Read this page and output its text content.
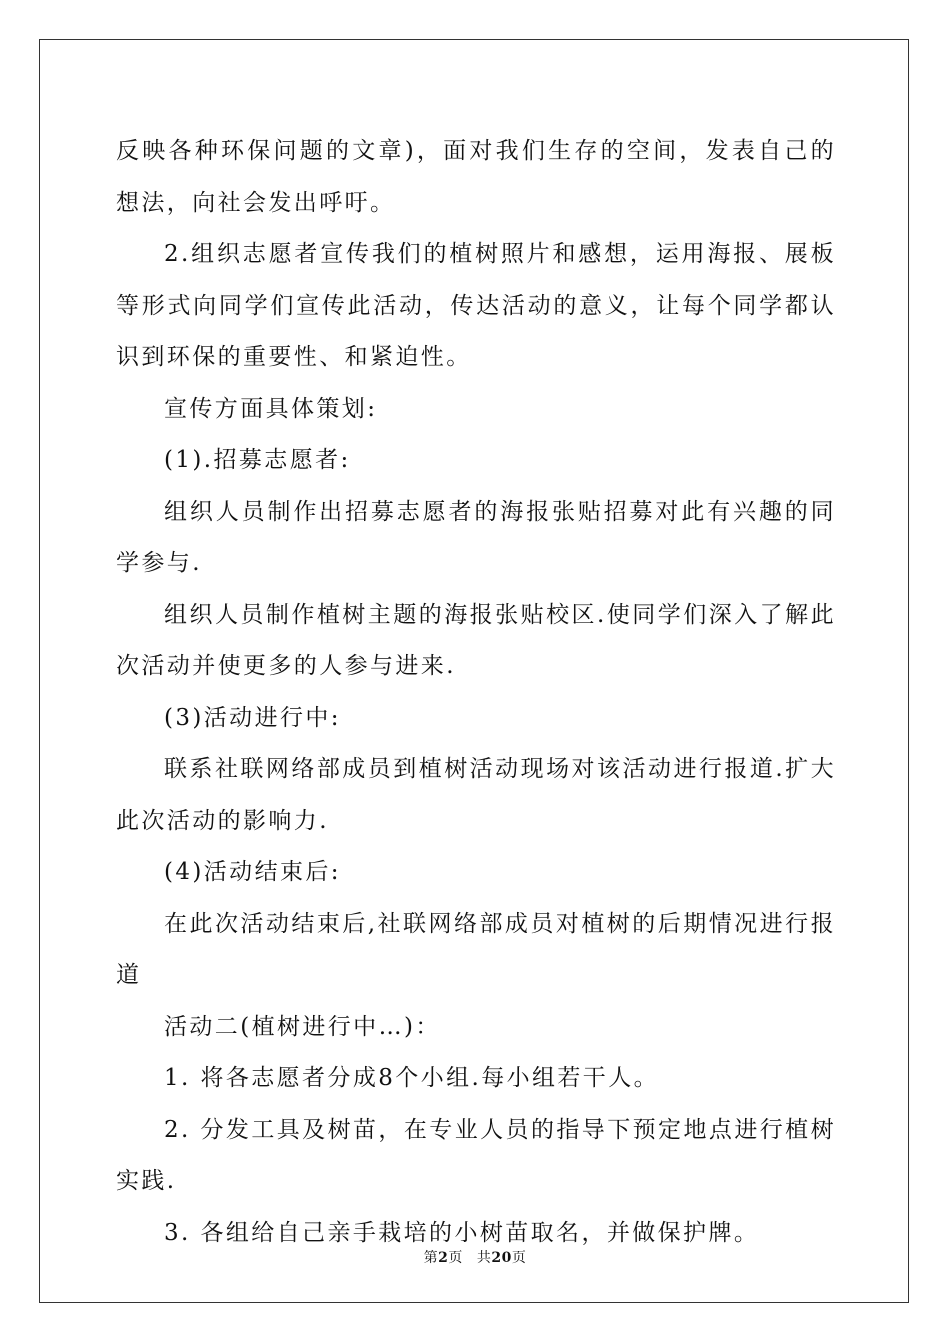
反映各种环保问题的文章)，面对我们生存的空间，发表自己的想法，向社会发出呼吁。

2.组织志愿者宣传我们的植树照片和感想，运用海报、展板等形式向同学们宣传此活动，传达活动的意义，让每个同学都认识到环保的重要性、和紧迫性。

宣传方面具体策划:

(1).招募志愿者:

组织人员制作出招募志愿者的海报张贴招募对此有兴趣的同学参与.

组织人员制作植树主题的海报张贴校区.使同学们深入了解此次活动并使更多的人参与进来.

(3)活动进行中:

联系社联网络部成员到植树活动现场对该活动进行报道.扩大此次活动的影响力.

(4)活动结束后:

在此次活动结束后,社联网络部成员对植树的后期情况进行报道

活动二(植树进行中…)：

1. 将各志愿者分成8个小组.每小组若干人。

2. 分发工具及树苗，在专业人员的指导下预定地点进行植树实践.

3. 各组给自己亲手栽培的小树苗取名，并做保护牌。

第2页 共20页
